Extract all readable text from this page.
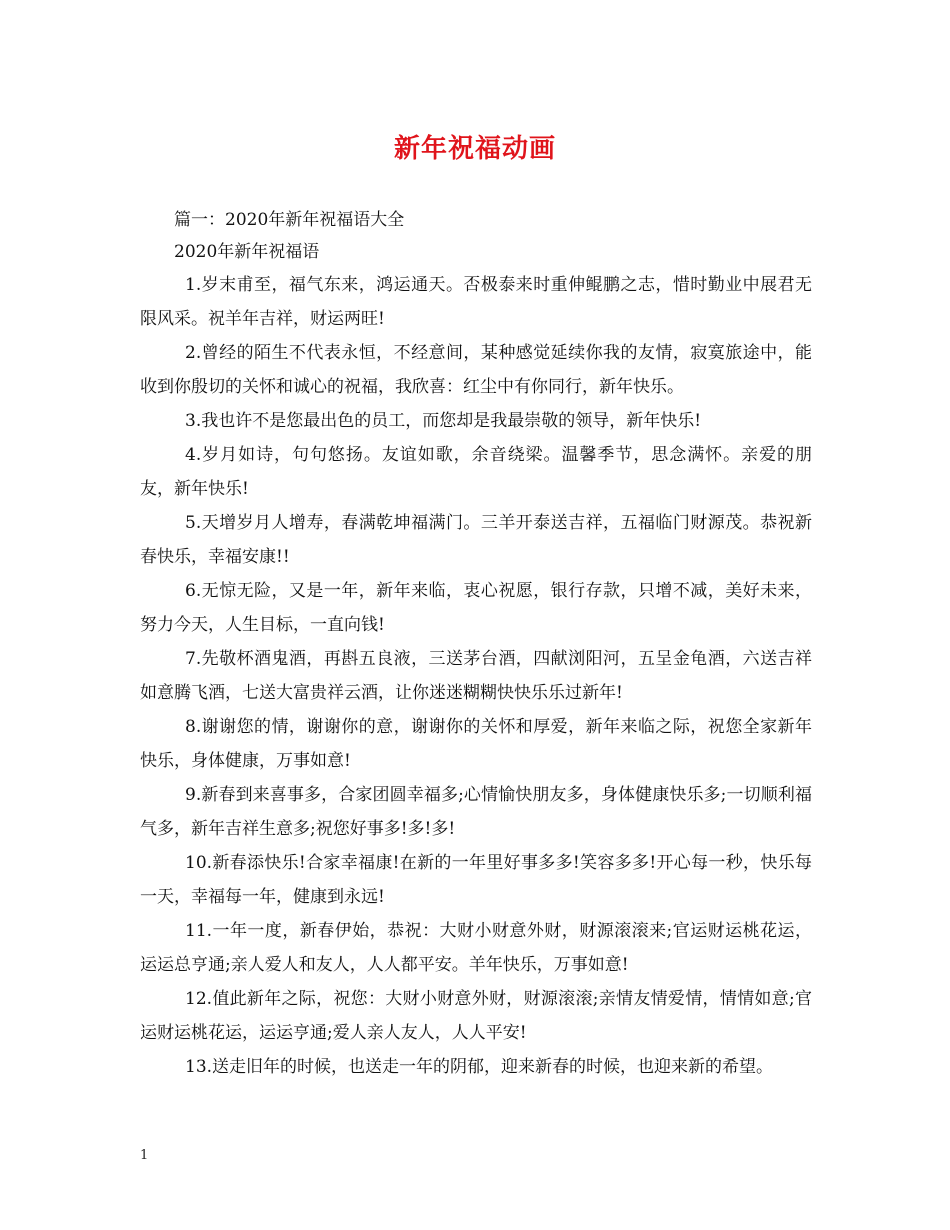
新年祝福动画

篇一：2020年新年祝福语大全

2020年新年祝福语

1.岁末甫至，福气东来，鸿运通天。否极泰来时重伸鲲鹏之志，惜时勤业中展君无限风采。祝羊年吉祥，财运两旺!

2.曾经的陌生不代表永恒，不经意间，某种感觉延续你我的友情，寂寞旅途中，能收到你殷切的关怀和诚心的祝福，我欣喜：红尘中有你同行，新年快乐。

3.我也许不是您最出色的员工，而您却是我最崇敬的领导，新年快乐!

4.岁月如诗，句句悠扬。友谊如歌，余音绕梁。温馨季节，思念满怀。亲爱的朋友，新年快乐!

5.天增岁月人增寿，春满乾坤福满门。三羊开泰送吉祥，五福临门财源茂。恭祝新春快乐，幸福安康!!

6.无惊无险，又是一年，新年来临，衷心祝愿，银行存款，只增不减，美好未来，努力今天，人生目标，一直向钱!

7.先敬杯酒鬼酒，再斟五良液，三送茅台酒，四献浏阳河，五呈金龟酒，六送吉祥如意腾飞酒，七送大富贵祥云酒，让你迷迷糊糊快快乐乐过新年!

8.谢谢您的情，谢谢你的意，谢谢你的关怀和厚爱，新年来临之际，祝您全家新年快乐，身体健康，万事如意!

9.新春到来喜事多，合家团圆幸福多;心情愉快朋友多，身体健康快乐多;一切顺利福气多，新年吉祥生意多;祝您好事多!多!多!

10.新春添快乐!合家幸福康!在新的一年里好事多多!笑容多多!开心每一秒，快乐每一天，幸福每一年，健康到永远!

11.一年一度，新春伊始，恭祝：大财小财意外财，财源滚滚来;官运财运桃花运，运运总亨通;亲人爱人和友人，人人都平安。羊年快乐，万事如意!

12.值此新年之际，祝您：大财小财意外财，财源滚滚;亲情友情爱情，情情如意;官运财运桃花运，运运亨通;爱人亲人友人，人人平安!

13.送走旧年的时候，也送走一年的阴郁，迎来新春的时候，也迎来新的希望。

1
